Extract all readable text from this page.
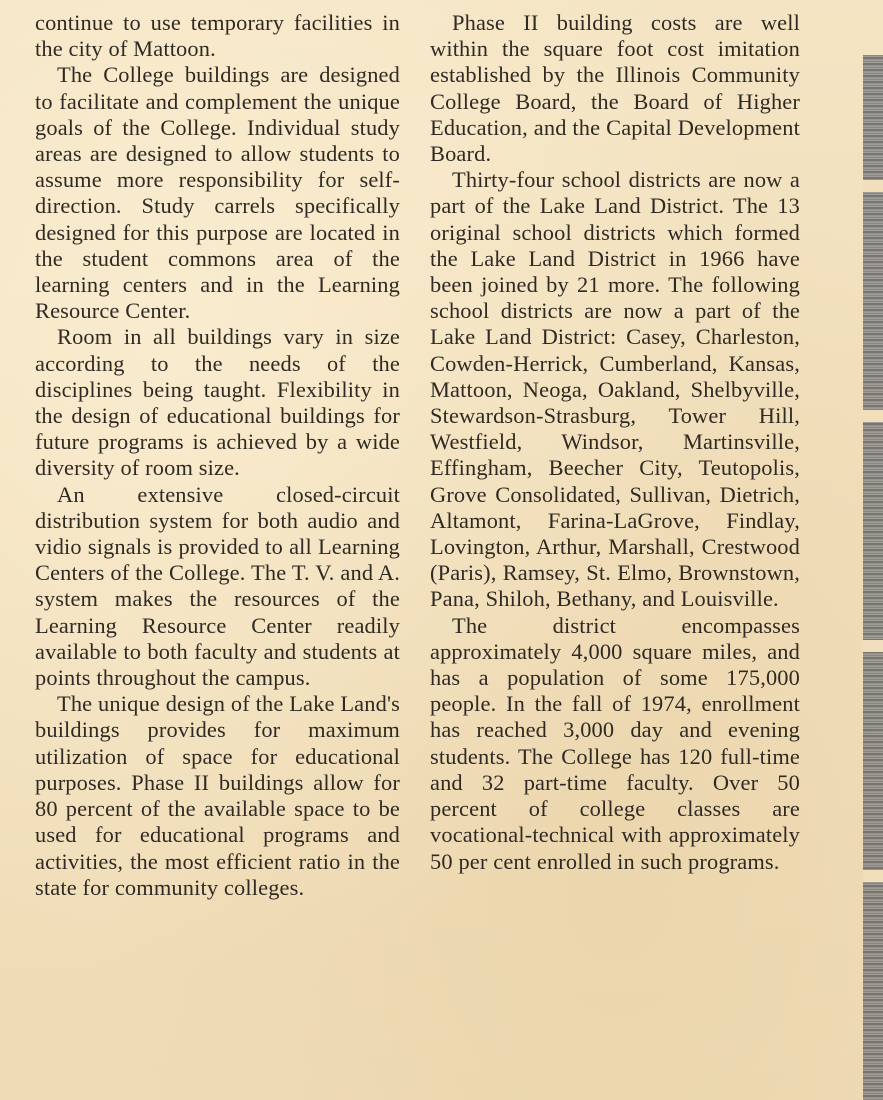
continue to use temporary facilities in the city of Mattoon.

The College buildings are designed to facilitate and complement the unique goals of the College. Individual study areas are designed to allow students to assume more responsibility for self-direction. Study carrels specifically designed for this purpose are located in the student commons area of the learning centers and in the Learning Resource Center.

Room in all buildings vary in size according to the needs of the disciplines being taught. Flexibility in the design of educational buildings for future programs is achieved by a wide diversity of room size.

An extensive closed-circuit distribution system for both audio and vidio signals is provided to all Learning Centers of the College. The T. V. and A. system makes the resources of the Learning Resource Center readily available to both faculty and students at points throughout the campus.

The unique design of the Lake Land's buildings provides for maximum utilization of space for educational purposes. Phase II buildings allow for 80 percent of the available space to be used for educational programs and activities, the most efficient ratio in the state for community colleges.

Phase II building costs are well within the square foot cost imitation established by the Illinois Community College Board, the Board of Higher Education, and the Capital Development Board.

Thirty-four school districts are now a part of the Lake Land District. The 13 original school districts which formed the Lake Land District in 1966 have been joined by 21 more. The following school districts are now a part of the Lake Land District: Casey, Charleston, Cowden-Herrick, Cumberland, Kansas, Mattoon, Neoga, Oakland, Shelbyville, Stewardson-Strasburg, Tower Hill, Westfield, Windsor, Martinsville, Effingham, Beecher City, Teutopolis, Grove Consolidated, Sullivan, Dietrich, Altamont, Farina-LaGrove, Findlay, Lovington, Arthur, Marshall, Crestwood (Paris), Ramsey, St. Elmo, Brownstown, Pana, Shiloh, Bethany, and Louisville.

The district encompasses approximately 4,000 square miles, and has a population of some 175,000 people. In the fall of 1974, enrollment has reached 3,000 day and evening students. The College has 120 full-time and 32 part-time faculty. Over 50 percent of college classes are vocational-technical with approximately 50 per cent enrolled in such programs.
